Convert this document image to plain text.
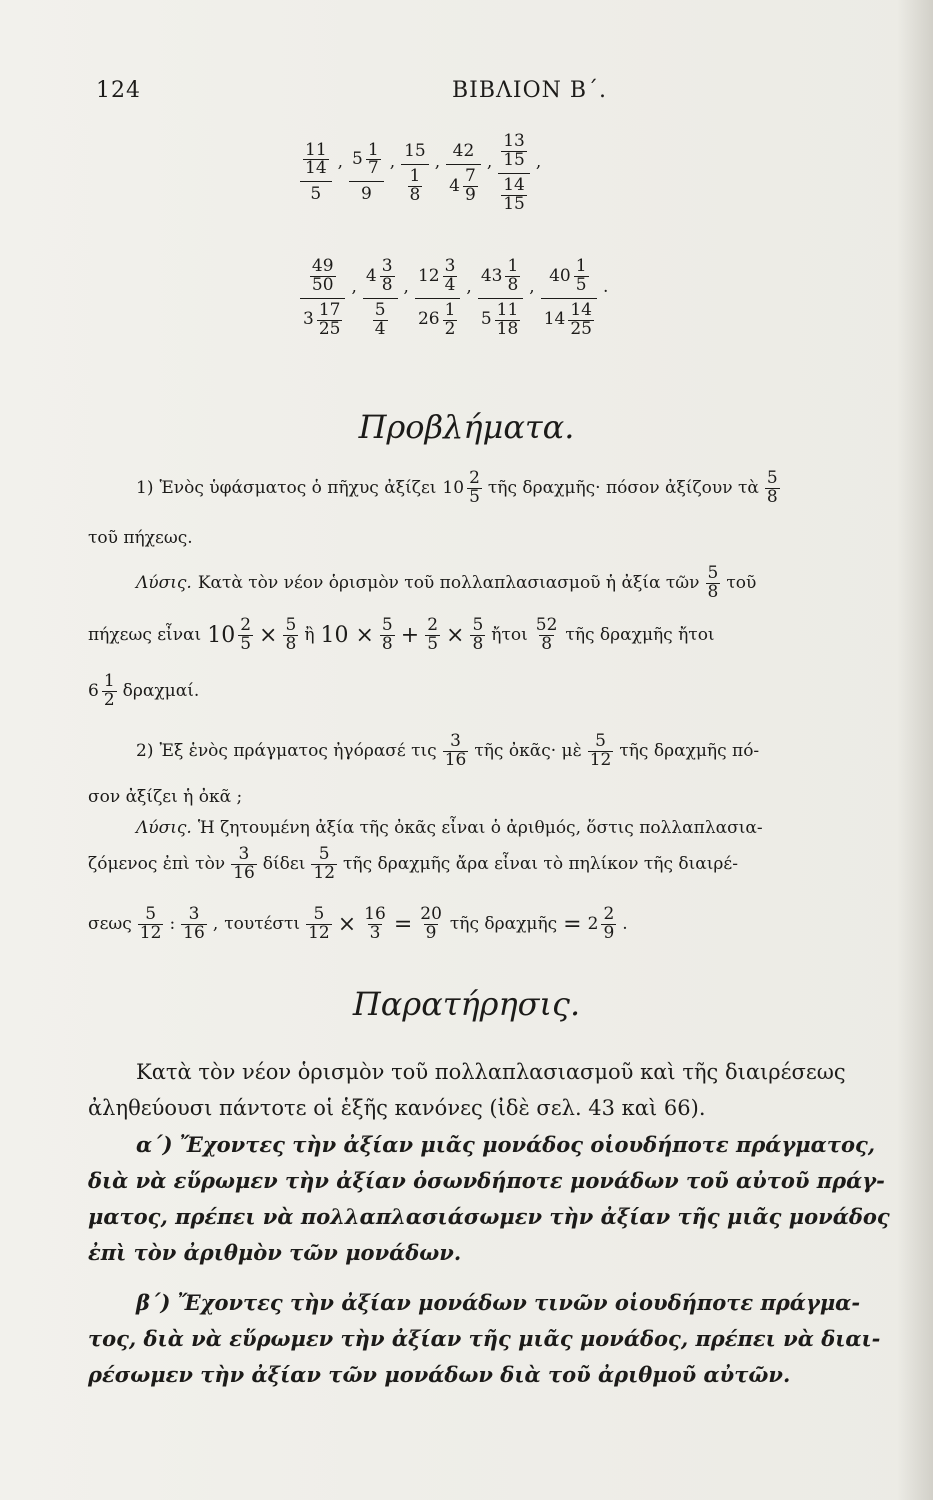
124	ΒΙΒΛΙΟΝ Β΄.
$\frac{11}{14}$
5
, $5 \frac{1}{7}$
9
,
15
$\frac{1}{8}$
,
42
$4 \frac{7}{9}$
, $\frac{13}{15}$
$\frac{14}{15}$
,
$\frac{49}{50}$
$3 \frac{17}{25}$
,
$4 \frac{3}{8}$
$\frac{5}{4}$
,
$12 \frac{3}{4}$
$26 \frac{1}{2}$
,
$43 \frac{1}{8}$
$5 \frac{11}{18}$
,
$40 \frac{1}{5}$
$14 \frac{14}{25}$
.
Προβλήματα.
1) Ἑνὸς ὑφάσματος ὁ πῆχυς ἀξίζει $10 \frac{2}{5}$ τῆς δραχμῆς· πόσον ἀξίζουν τὰ $\frac{5}{8}$
τοῦ πήχεως.
Λύσις. Κατὰ τὸν νέον ὁρισμὸν τοῦ πολλαπλασιασμοῦ ἡ ἀξία τῶν $\frac{5}{8}$ τοῦ
πήχεως εἶναι $10 \frac{2}{5} \times \frac{5}{8}$ ἢ $10 \times \frac{5}{8} + \frac{2}{5} \times \frac{5}{8}$ ἤτοι $\frac{52}{8}$ τῆς δραχμῆς ἤτοι
$6 \frac{1}{2} \delta\rho\alpha\chi\mu\alpha ί$.
2) Ἐξ ἑνὸς πράγματος ἠγόρασέ τις $\frac{3}{16}$ τῆς ὀκᾶς· μὲ $\frac{5}{12}$ τῆς δραχμῆς πό-
σον ἀξίζει ἡ ὀκᾶ ;
Λύσις. Ἡ ζητουμένη ἀξία τῆς ὀκᾶς εἶναι ὁ ἀριθμός, ὅστις πολλαπλασια-
ζόμενος ἐπὶ τὸν $\frac{3}{16}$ δίδει $\frac{5}{12}$ τῆς δραχμῆς ἄρα εἶναι τὸ πηλίκον τῆς διαιρέ-
σεως $\frac{5}{12}$ : $\frac{3}{16}$ , τουτέστι $\frac{5}{12} \times \frac{16}{3} = \frac{20}{9}$ τῆς δραχμῆς = $2 \frac{2}{9}$ .
Παρατήρησις.
Κατὰ τὸν νέον ὁρισμὸν τοῦ πολλαπλασιασμοῦ καὶ τῆς διαιρέσεως
ἀληθεύουσι πάντοτε οἱ ἑξῆς κανόνες (ἰδὲ σελ. 43 καὶ 66).
α΄) Ἔχοντες τὴν ἀξίαν μιᾶς μονάδος οἱουδήποτε πράγματος,
διὰ νὰ εὕρωμεν τὴν ἀξίαν ὁσωνδήποτε μονάδων τοῦ αὐτοῦ πράγ-
ματος, πρέπει νὰ πολλαπλασιάσωμεν τὴν ἀξίαν τῆς μιᾶς μονάδος
ἐπὶ τὸν ἀριθμὸν τῶν μονάδων.
β΄) Ἔχοντες τὴν ἀξίαν μονάδων τινῶν οἱουδήποτε πράγμα-
τος, διὰ νὰ εὕρωμεν τὴν ἀξίαν τῆς μιᾶς μονάδος, πρέπει νὰ διαι-
ρέσωμεν τὴν ἀξίαν τῶν μονάδων διὰ τοῦ ἀριθμοῦ αὐτῶν.
